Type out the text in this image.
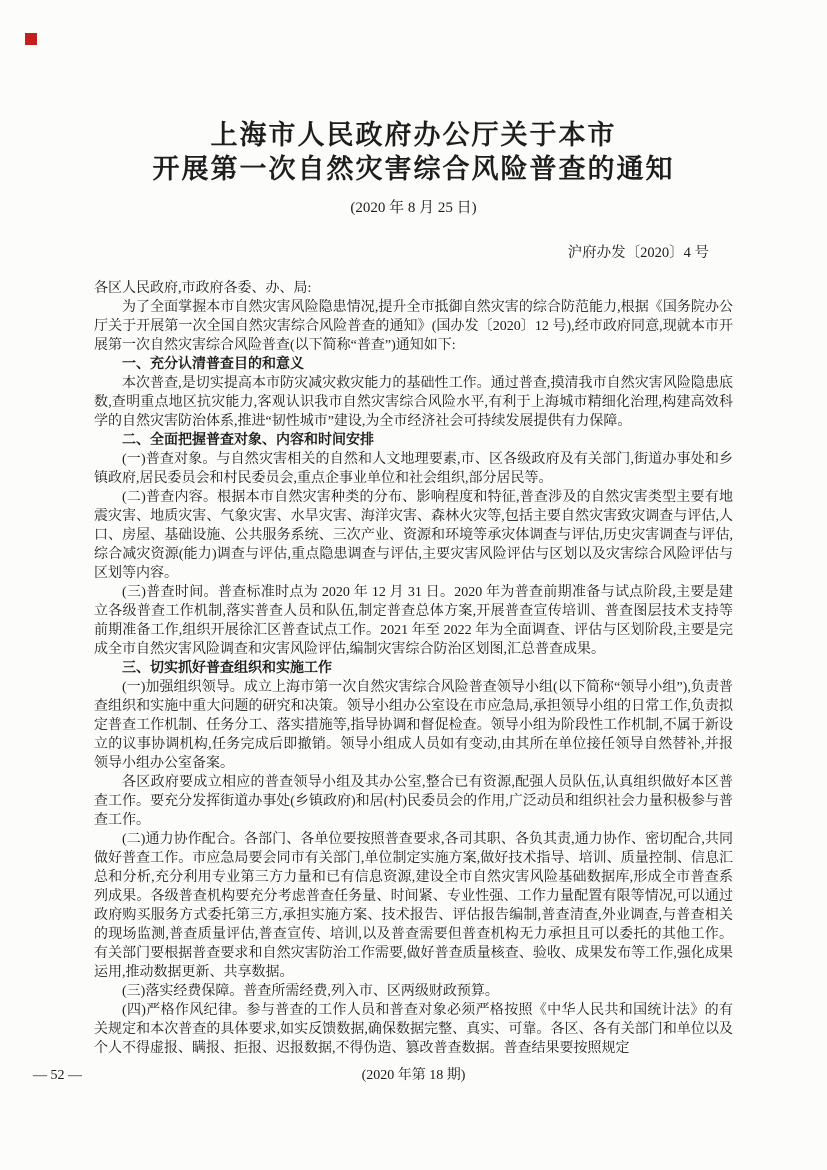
上海市人民政府办公厅关于本市
开展第一次自然灾害综合风险普查的通知
(2020 年 8 月 25 日)
沪府办发〔2020〕4 号
各区人民政府,市政府各委、办、局:

为了全面掌握本市自然灾害风险隐患情况,提升全市抵御自然灾害的综合防范能力,根据《国务院办公厅关于开展第一次全国自然灾害综合风险普查的通知》(国办发〔2020〕12 号),经市政府同意,现就本市开展第一次自然灾害综合风险普查(以下简称“普查”)通知如下:

一、充分认清普查目的和意义

本次普查,是切实提高本市防灾减灾救灾能力的基础性工作。通过普查,摸清我市自然灾害风险隐患底数,查明重点地区抗灾能力,客观认识我市自然灾害综合风险水平,有利于上海城市精细化治理,构建高效科学的自然灾害防治体系,推进“韧性城市”建设,为全市经济社会可持续发展提供有力保障。

二、全面把握普查对象、内容和时间安排

(一)普查对象。与自然灾害相关的自然和人文地理要素,市、区各级政府及有关部门,街道办事处和乡镇政府,居民委员会和村民委员会,重点企事业单位和社会组织,部分居民等。

(二)普查内容。根据本市自然灾害种类的分布、影响程度和特征,普查涉及的自然灾害类型主要有地震灾害、地质灾害、气象灾害、水旱灾害、海洋灾害、森林火灾等,包括主要自然灾害致灾调查与评估,人口、房屋、基础设施、公共服务系统、三次产业、资源和环境等承灾体调查与评估,历史灾害调查与评估,综合减灾资源(能力)调查与评估,重点隐患调查与评估,主要灾害风险评估与区划以及灾害综合风险评估与区划等内容。

(三)普查时间。普查标准时点为 2020 年 12 月 31 日。2020 年为普查前期准备与试点阶段,主要是建立各级普查工作机制,落实普查人员和队伍,制定普查总体方案,开展普查宣传培训、普查图层技术支持等前期准备工作,组织开展徐汇区普查试点工作。2021 年至 2022 年为全面调查、评估与区划阶段,主要是完成全市自然灾害风险调查和灾害风险评估,编制灾害综合防治区划图,汇总普查成果。

三、切实抓好普查组织和实施工作

(一)加强组织领导。成立上海市第一次自然灾害综合风险普查领导小组(以下简称“领导小组”),负责普查组织和实施中重大问题的研究和决策。领导小组办公室设在市应急局,承担领导小组的日常工作,负责拟定普查工作机制、任务分工、落实措施等,指导协调和督促检查。领导小组为阶段性工作机制,不属于新设立的议事协调机构,任务完成后即撤销。领导小组成人员如有变动,由其所在单位接任领导自然替补,并报领导小组办公室备案。

各区政府要成立相应的普查领导小组及其办公室,整合已有资源,配强人员队伍,认真组织做好本区普查工作。要充分发挥街道办事处(乡镇政府)和居(村)民委员会的作用,广泛动员和组织社会力量积极参与普查工作。

(二)通力协作配合。各部门、各单位要按照普查要求,各司其职、各负其责,通力协作、密切配合,共同做好普查工作。市应急局要会同市有关部门,单位制定实施方案,做好技术指导、培训、质量控制、信息汇总和分析,充分利用专业第三方力量和已有信息资源,建设全市自然灾害风险基础数据库,形成全市普查系列成果。各级普查机构要充分考虑普查任务量、时间紧、专业性强、工作力量配置有限等情况,可以通过政府购买服务方式委托第三方,承担实施方案、技术报告、评估报告编制,普查清查,外业调查,与普查相关的现场监测,普查质量评估,普查宣传、培训,以及普查需要但普查机构无力承担且可以委托的其他工作。有关部门要根据普查要求和自然灾害防治工作需要,做好普查质量核查、验收、成果发布等工作,强化成果运用,推动数据更新、共享数据。

(三)落实经费保障。普查所需经费,列入市、区两级财政预算。

(四)严格作风纪律。参与普查的工作人员和普查对象必须严格按照《中华人民共和国统计法》的有关规定和本次普查的具体要求,如实反馈数据,确保数据完整、真实、可靠。各区、各有关部门和单位以及个人不得虚报、瞒报、拒报、迟报数据,不得伪造、篡改普查数据。普查结果要按照规定

— 52 —	(2020 年第 18 期)
